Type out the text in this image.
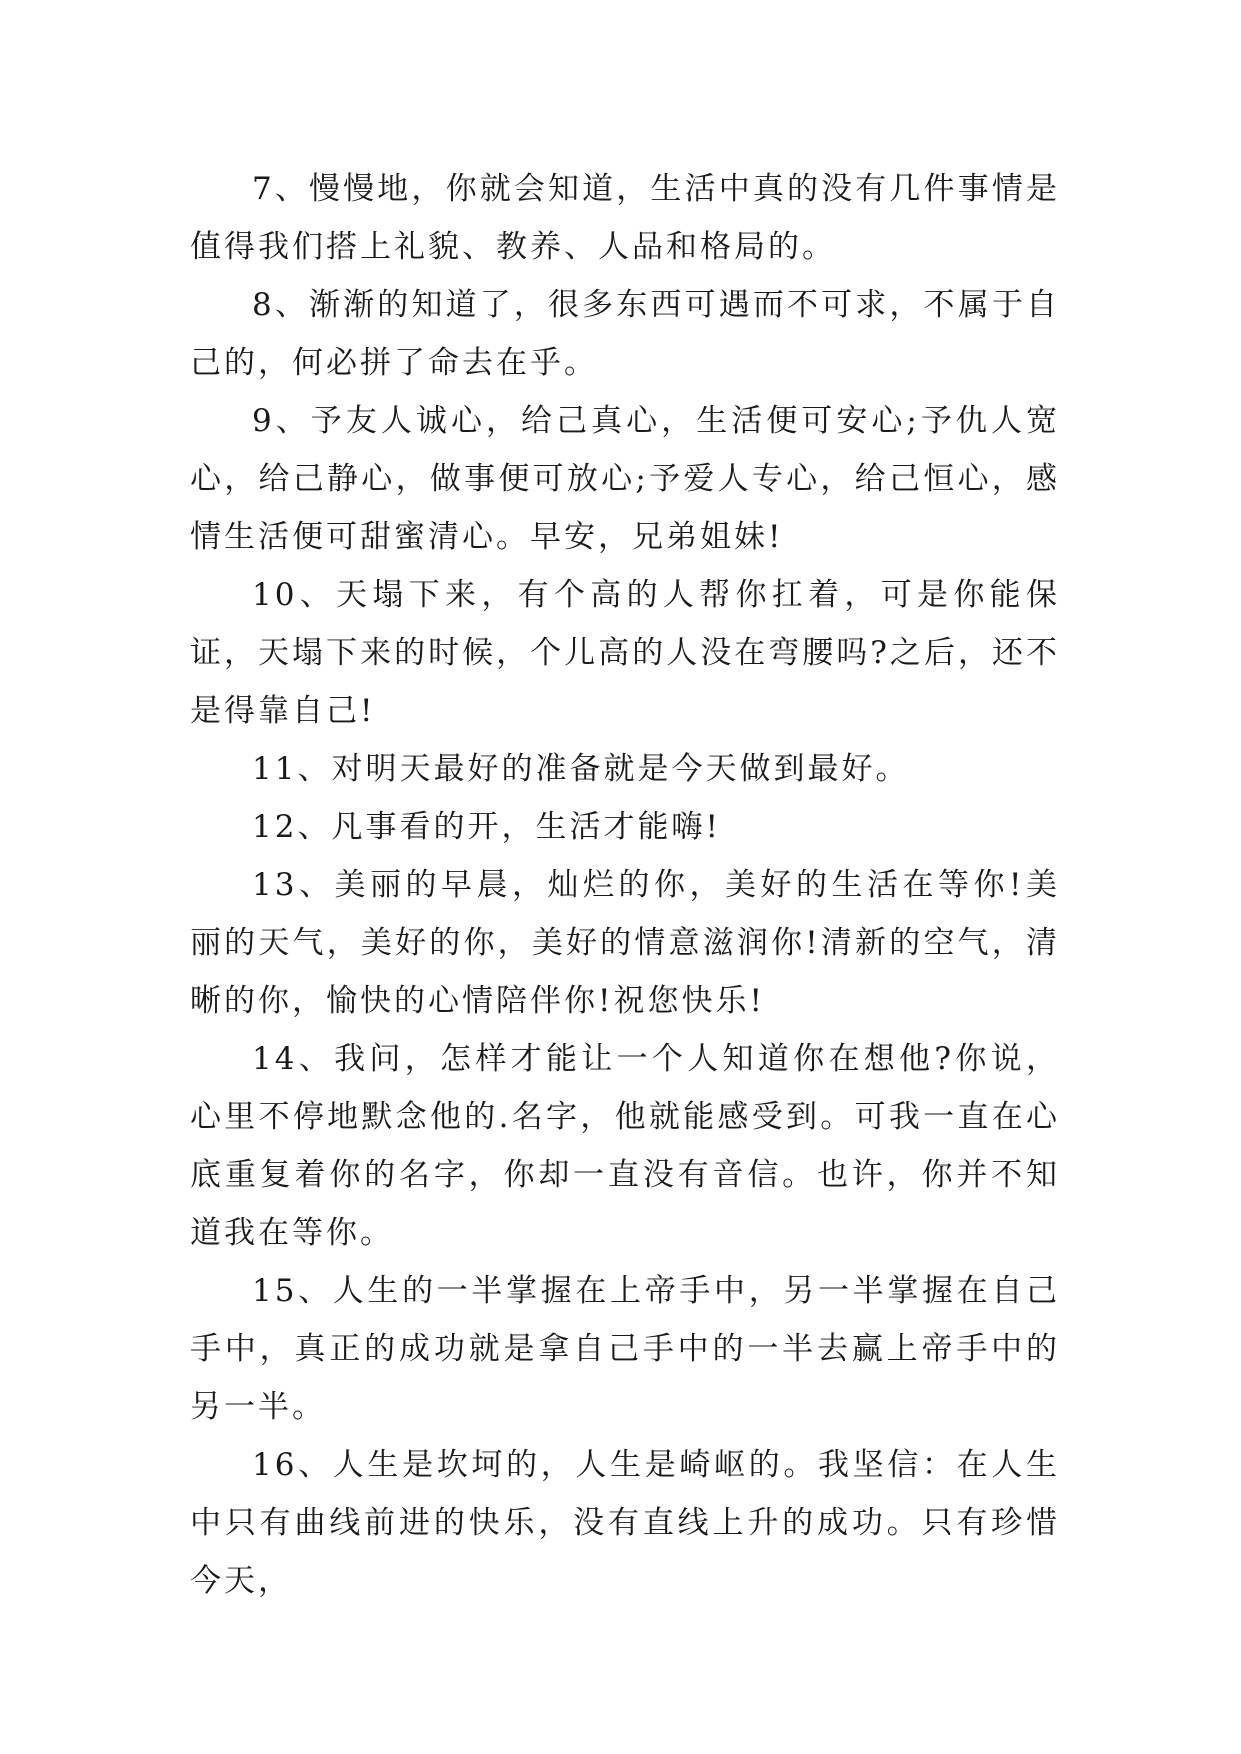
7、慢慢地，你就会知道，生活中真的没有几件事情是值得我们搭上礼貌、教养、人品和格局的。

8、渐渐的知道了，很多东西可遇而不可求，不属于自己的，何必拼了命去在乎。

9、予友人诚心，给己真心，生活便可安心;予仇人宽心，给己静心，做事便可放心;予爱人专心，给己恒心，感情生活便可甜蜜清心。早安，兄弟姐妹!

10、天塌下来，有个高的人帮你扛着，可是你能保证，天塌下来的时候，个儿高的人没在弯腰吗?之后，还不是得靠自己!

11、对明天最好的准备就是今天做到最好。

12、凡事看的开，生活才能嗨!

13、美丽的早晨，灿烂的你，美好的生活在等你!美丽的天气，美好的你，美好的情意滋润你!清新的空气，清晰的你，愉快的心情陪伴你!祝您快乐!

14、我问，怎样才能让一个人知道你在想他?你说，心里不停地默念他的.名字，他就能感受到。可我一直在心底重复着你的名字，你却一直没有音信。也许，你并不知道我在等你。

15、人生的一半掌握在上帝手中，另一半掌握在自己手中，真正的成功就是拿自己手中的一半去赢上帝手中的另一半。

16、人生是坎坷的，人生是崎岖的。我坚信：在人生中只有曲线前进的快乐，没有直线上升的成功。只有珍惜今天，
